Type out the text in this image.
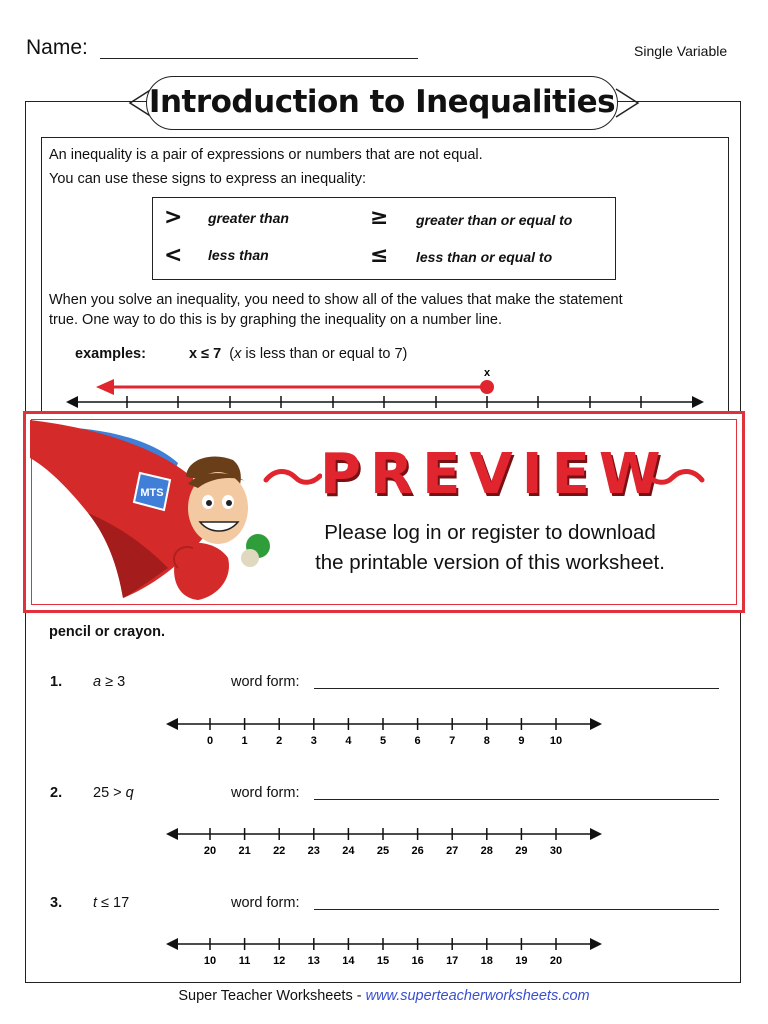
Name:	Single Variable
Introduction to Inequalities
An inequality is a pair of expressions or numbers that are not equal.
You can use these signs to express an inequality:
> greater than	≥ greater than or equal to
< less than	≤ less than or equal to
When you solve an inequality, you need to show all of the values that make the statement
true. One way to do this is by graphing the inequality on a number line.
examples:	x ≤ 7 (x is less than or equal to 7)
x
pencil or crayon.
1. a ≥ 3	word form:
0	1	2	3	4	5	6	7	8	9 10
2. 25 > q	word form:
20 21 22 23 24 25 26 27 28 29 30
3. t ≤ 17	word form:
10 11 12 13 14 15 16 17 18 19 20
MTS	PREVIEW
Please log in or register to download
the printable version of this worksheet.
Super Teacher Worksheets - www.superteacherworksheets.com
